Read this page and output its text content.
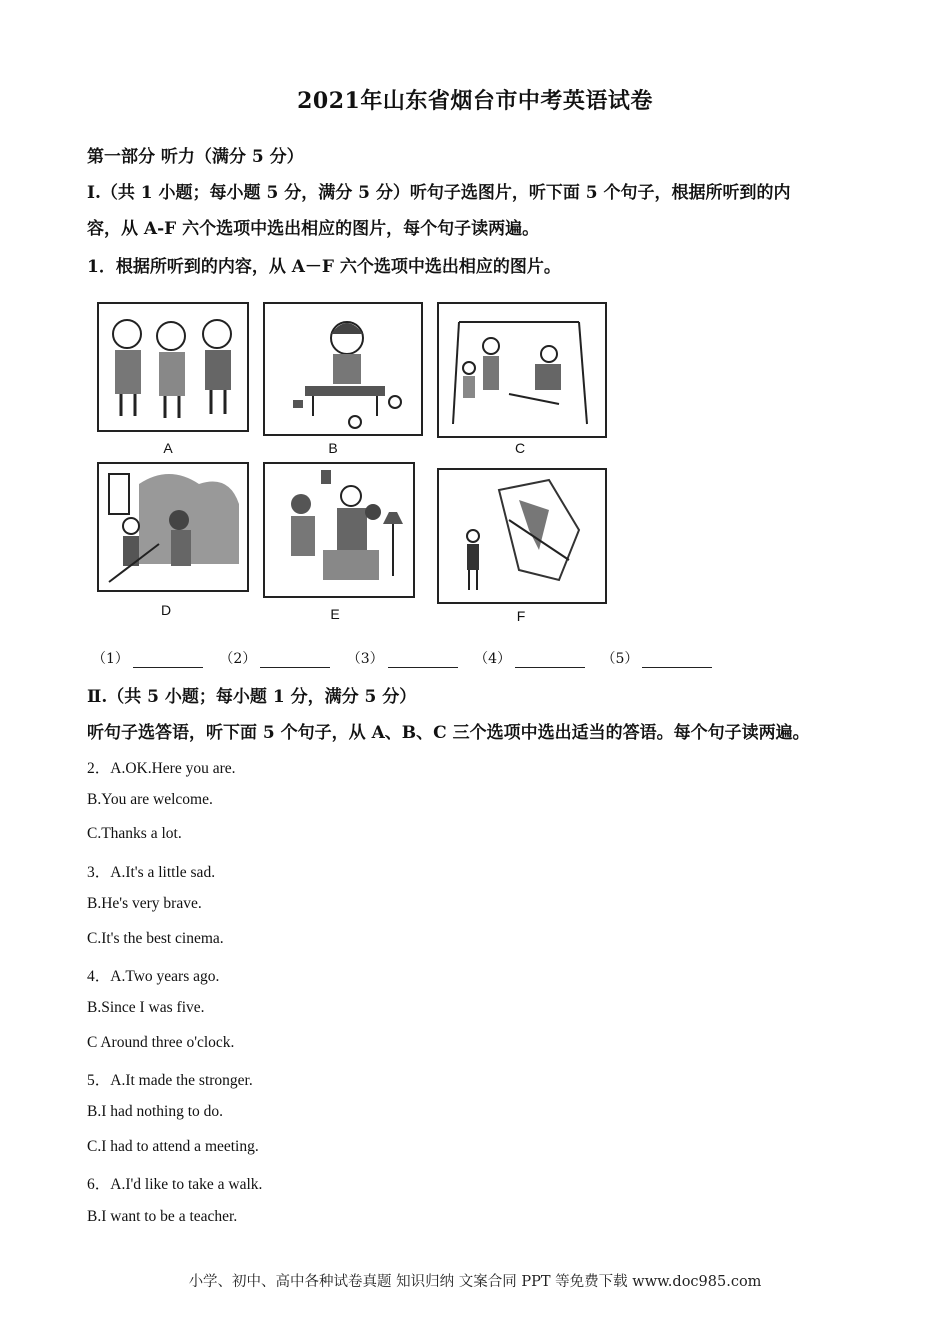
2021年山东省烟台市中考英语试卷
第一部分 听力（满分 5 分）
Ⅰ.（共 1 小题；每小题 5 分，满分 5 分）听句子选图片，听下面 5 个句子，根据所听到的内
容，从 A-F 六个选项中选出相应的图片，每个句子读两遍。
1．根据所听到的内容，从 A－F 六个选项中选出相应的图片。
A	B	C
D	E	F
（1）	（2）	（3）	（4）	（5）
Ⅱ.（共 5 小题；每小题 1 分，满分 5 分）
听句子选答语，听下面 5 个句子，从 A、B、C 三个选项中选出适当的答语。每个句子读两遍。
2．A.OK.Here you are.
B.You are welcome.
C.Thanks a lot.
3．A.It's a little sad.
B.He's very brave.
C.It's the best cinema.
4．A.Two years ago.
B.Since I was five.
C Around three o'clock.
5．A.It made the stronger.
B.I had nothing to do.
C.I had to attend a meeting.
6．A.I'd like to take a walk.
B.I want to be a teacher.
小学、初中、高中各种试卷真题 知识归纳 文案合同 PPT 等免费下载 www.doc985.com
